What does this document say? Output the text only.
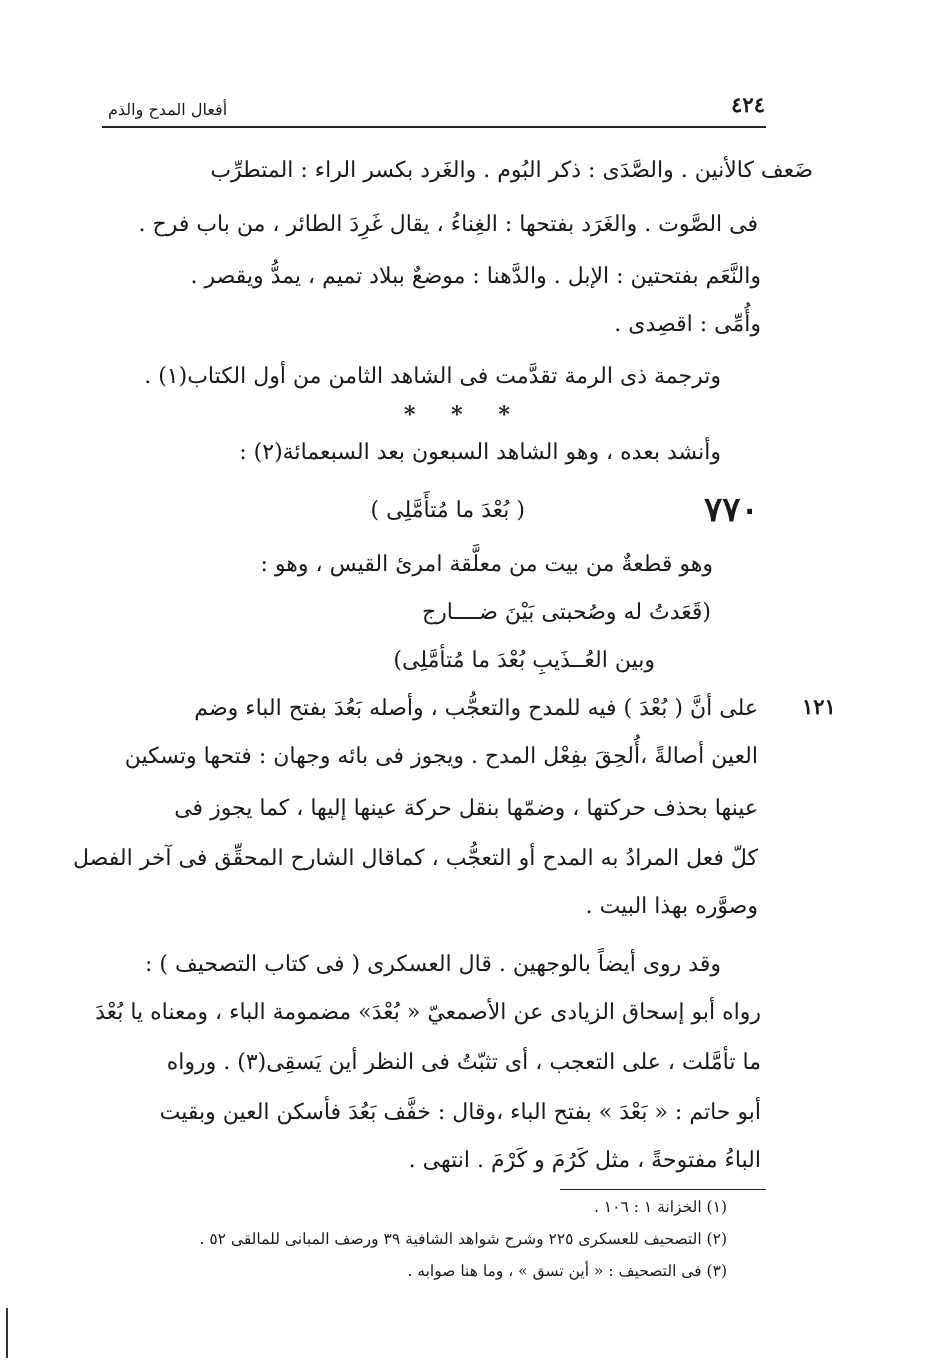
٤٢٤
أفعال المدح والذم
ضَعف كالأنين . والصَّدَى : ذكر البُوم . والغَرد بكسر الراء : المتطرِّب
فى الصَّوت . والغَرَد بفتحها : الغِناءُ ، يقال غَرِدَ الطائر ، من باب فرح .
والنَّعَم بفتحتين : الإبل . والدَّهنا : موضعٌ ببلاد تميم ، يمدُّ ويقصر .
وأُمِّى : اقصِدى .
وترجمة ذى الرمة تقدَّمت فى الشاهد الثامن من أول الكتاب(١) .
* * *
وأنشد بعده ، وهو الشاهد السبعون بعد السبعمائة(٢) :
٧٧٠
( بُعْدَ ما مُتأَمَّلِى )
وهو قطعةٌ من بيت من معلَّقة امرئ القيس ، وهو :
(قَعَدتُ له وصُحبتى بَيْنَ ضــــارج
وبين العُــذَيبِ بُعْدَ ما مُتأمَّلِى)
١٢١
على أنَّ ( بُعْدَ ) فيه للمدح والتعجُّب ، وأصله بَعُدَ بفتح الباء وضم
العين أصالةً ،أُلحِقَ بفِعْل المدح . ويجوز فى بائه وجهان : فتحها وتسكين
عينها بحذف حركتها ، وضمّها بنقل حركة عينها إليها ، كما يجوز فى
كلّ فعل المرادُ به المدح أو التعجُّب ، كماقال الشارح المحقِّق فى آخر الفصل
وصوَّره بهذا البيت .
وقد روى أيضاً بالوجهين . قال العسكرى ( فى كتاب التصحيف ) :
رواه أبو إسحاق الزيادى عن الأصمعيّ « بُعْدَ» مضمومة الباء ، ومعناه يا بُعْدَ
ما تأمَّلت ، على التعجب ، أى تثبّتُ فى النظر أين يَسقِى(٣) . ورواه
أبو حاتم : « بَعْدَ » بفتح الباء ،وقال : خفَّف بَعُدَ فأسكن العين وبقيت
الباءُ مفتوحةً ، مثل كَرُمَ و كَرْمَ . انتهى .
(١) الخزانة ١ : ١٠٦ .
(٢) التصحيف للعسكرى ٢٢٥ وشرح شواهد الشافية ٣٩ ورصف المبانى للمالقى ٥٢ .
(٣) فى التصحيف : « أين تسق » ، وما هنا صوابه .
